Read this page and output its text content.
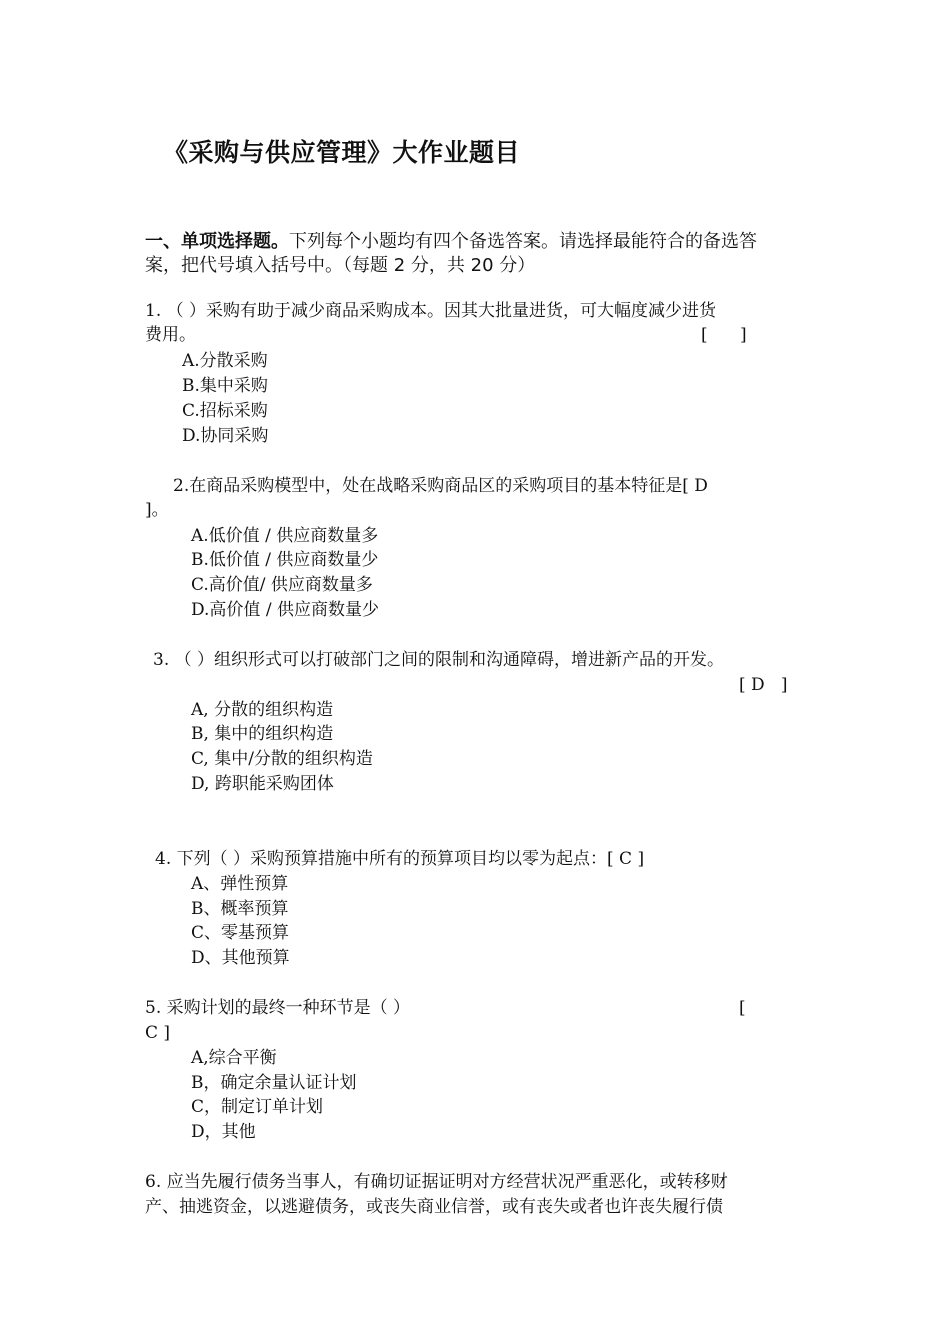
《采购与供应管理》大作业题目
一、单项选择题。下列每个小题均有四个备选答案。请选择最能符合的备选答
案，把代号填入括号中。（每题 2 分，共 20 分）
1. （ ）采购有助于减少商品采购成本。因其大批量进货，可大幅度减少进货
费用。	[      ]
A.分散采购
B.集中采购
C.招标采购
D.协同采购
2.在商品采购模型中，处在战略采购商品区的采购项目的基本特征是[ D
]。
A.低价值 / 供应商数量多
B.低价值 / 供应商数量少
C.高价值/ 供应商数量多
D.高价值 / 供应商数量少
3. （ ）组织形式可以打破部门之间的限制和沟通障碍，增进新产品的开发。
[ D   ]
A, 分散的组织构造
B, 集中的组织构造
C, 集中/分散的组织构造
D, 跨职能采购团体
4. 下列（ ）采购预算措施中所有的预算项目均以零为起点：[ C ]
A、弹性预算
B、概率预算
C、零基预算
D、其他预算
5. 采购计划的最终一种环节是（ ）	[
C ]
A,综合平衡
B，确定余量认证计划
C，制定订单计划
D，其他
6. 应当先履行债务当事人，有确切证据证明对方经营状况严重恶化，或转移财
产、抽逃资金，以逃避债务，或丧失商业信誉，或有丧失或者也许丧失履行债
